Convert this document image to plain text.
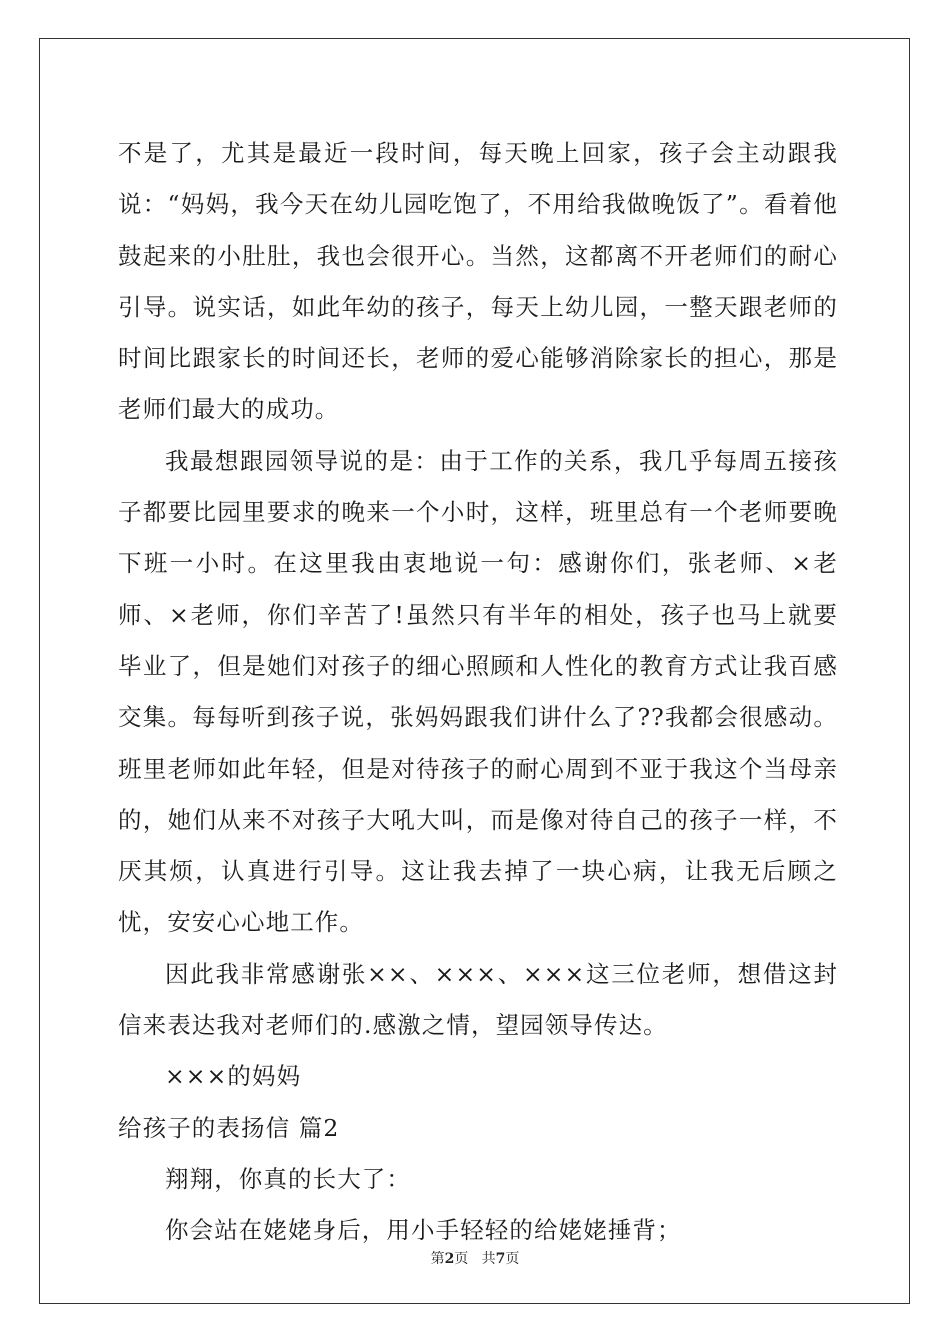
不是了，尤其是最近一段时间，每天晚上回家，孩子会主动跟我说：“妈妈，我今天在幼儿园吃饱了，不用给我做晚饭了”。看着他鼓起来的小肚肚，我也会很开心。当然，这都离不开老师们的耐心引导。说实话，如此年幼的孩子，每天上幼儿园，一整天跟老师的时间比跟家长的时间还长，老师的爱心能够消除家长的担心，那是老师们最大的成功。

我最想跟园领导说的是：由于工作的关系，我几乎每周五接孩子都要比园里要求的晚来一个小时，这样，班里总有一个老师要晚下班一小时。在这里我由衷地说一句：感谢你们，张老师、×老师、×老师，你们辛苦了!虽然只有半年的相处，孩子也马上就要毕业了，但是她们对孩子的细心照顾和人性化的教育方式让我百感交集。每每听到孩子说，张妈妈跟我们讲什么了??我都会很感动。班里老师如此年轻，但是对待孩子的耐心周到不亚于我这个当母亲的，她们从来不对孩子大吼大叫，而是像对待自己的孩子一样，不厌其烦，认真进行引导。这让我去掉了一块心病，让我无后顾之忧，安安心心地工作。

因此我非常感谢张××、×××、×××这三位老师，想借这封信来表达我对老师们的.感激之情，望园领导传达。

×××的妈妈

给孩子的表扬信 篇2

翔翔，你真的长大了：

你会站在姥姥身后，用小手轻轻的给姥姥捶背；

第2页 共7页
